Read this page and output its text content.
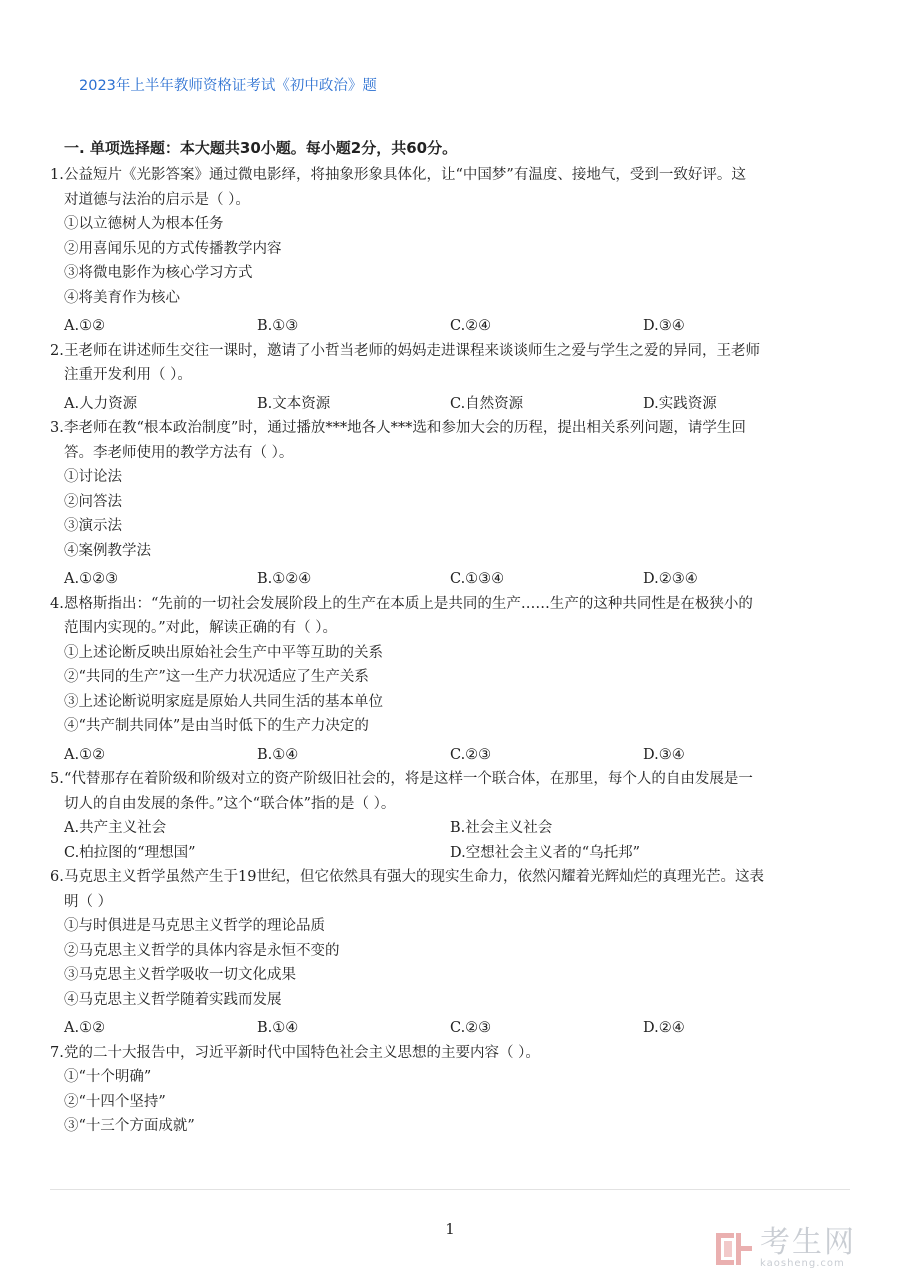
2023年上半年教师资格证考试《初中政治》题
一. 单项选择题：本大题共30小题。每小题2分，共60分。
1. 公益短片《光影答案》通过微电影绎，将抽象形象具体化，让“中国梦”有温度、接地气，受到一致好评。这
对道德与法治的启示是（ ）。
①以立德树人为根本任务
②用喜闻乐见的方式传播教学内容
③将微电影作为核心学习方式
④将美育作为核心
A.①②	B.①③	C.②④	D.③④
2. 王老师在讲述师生交往一课时，邀请了小哲当老师的妈妈走进课程来谈谈师生之爱与学生之爱的异同，王老师
注重开发利用（ ）。
A.人力资源	B.文本资源	C.自然资源	D.实践资源
3. 李老师在教“根本政治制度”时，通过播放***地各人***选和参加大会的历程，提出相关系列问题，请学生回
答。李老师使用的教学方法有（ ）。
①讨论法
②问答法
③演示法
④案例教学法
A.①②③	B.①②④	C.①③④	D.②③④
4. 恩格斯指出：“先前的一切社会发展阶段上的生产在本质上是共同的生产……生产的这种共同性是在极狭小的
范围内实现的。”对此，解读正确的有（ ）。
①上述论断反映出原始社会生产中平等互助的关系
②“共同的生产”这一生产力状况适应了生产关系
③上述论断说明家庭是原始人共同生活的基本单位
④“共产制共同体”是由当时低下的生产力决定的
A.①②	B.①④	C.②③	D.③④
5. “代替那存在着阶级和阶级对立的资产阶级旧社会的，将是这样一个联合体，在那里，每个人的自由发展是一
切人的自由发展的条件。”这个“联合体”指的是（ ）。
A.共产主义社会	B.社会主义社会
C.柏拉图的“理想国”	D.空想社会主义者的“乌托邦”
6. 马克思主义哲学虽然产生于19世纪，但它依然具有强大的现实生命力，依然闪耀着光辉灿烂的真理光芒。这表
明（ ）
①与时俱进是马克思主义哲学的理论品质
②马克思主义哲学的具体内容是永恒不变的
③马克思主义哲学吸收一切文化成果
④马克思主义哲学随着实践而发展
A.①②	B.①④	C.②③	D.②④
7. 党的二十大报告中，习近平新时代中国特色社会主义思想的主要内容（ ）。
①“十个明确”
②“十四个坚持”
③“十三个方面成就”
1	考生网
kaosheng.com
